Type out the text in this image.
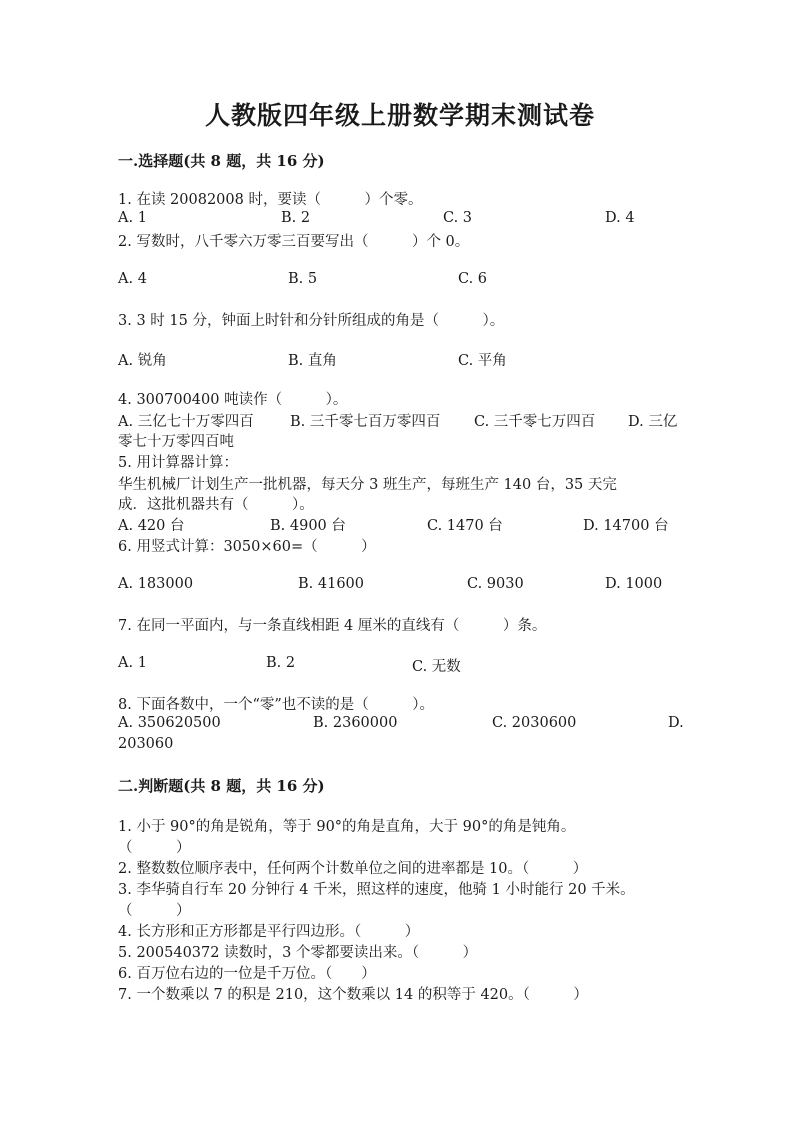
人教版四年级上册数学期末测试卷
一.选择题(共 8 题，共 16 分)
1. 在读 20082008 时，要读（　　　）个零。
A. 1	B. 2	C. 3	D. 4
2. 写数时，八千零六万零三百要写出（　　　）个 0。
A. 4	B. 5	C. 6
3. 3 时 15 分，钟面上时针和分针所组成的角是（　　　）。
A. 锐角	B. 直角	C. 平角
4. 300700400 吨读作（　　　）。
A. 三亿七十万零四百	B. 三千零七百万零四百 C. 三千零七万四百 D. 三亿
零七十万零四百吨
5. 用计算器计算：
华生机械厂计划生产一批机器，每天分 3 班生产，每班生产 140 台，35 天完
成．这批机器共有（　　　）。
A. 420 台	B. 4900 台	C. 1470 台	D. 14700 台
6. 用竖式计算：3050×60=（　　　）
A. 183000	B. 41600	C. 9030	D. 1000
7. 在同一平面内，与一条直线相距 4 厘米的直线有（　　　）条。
A. 1	B. 2	C. 无数
8. 下面各数中，一个“零”也不读的是（　　　）。
A. 350620500	B. 2360000	C. 2030600	D.
203060
二.判断题(共 8 题，共 16 分)
1. 小于 90°的角是锐角，等于 90°的角是直角，大于 90°的角是钝角。
（　　　）
2. 整数数位顺序表中，任何两个计数单位之间的进率都是 10。（　　　）
3. 李华骑自行车 20 分钟行 4 千米，照这样的速度，他骑 1 小时能行 20 千米。
（　　　）
4. 长方形和正方形都是平行四边形。（　　　）
5. 200540372 读数时，3 个零都要读出来。（　　　）
6. 百万位右边的一位是千万位。（　　）
7. 一个数乘以 7 的积是 210，这个数乘以 14 的积等于 420。（　　　）
